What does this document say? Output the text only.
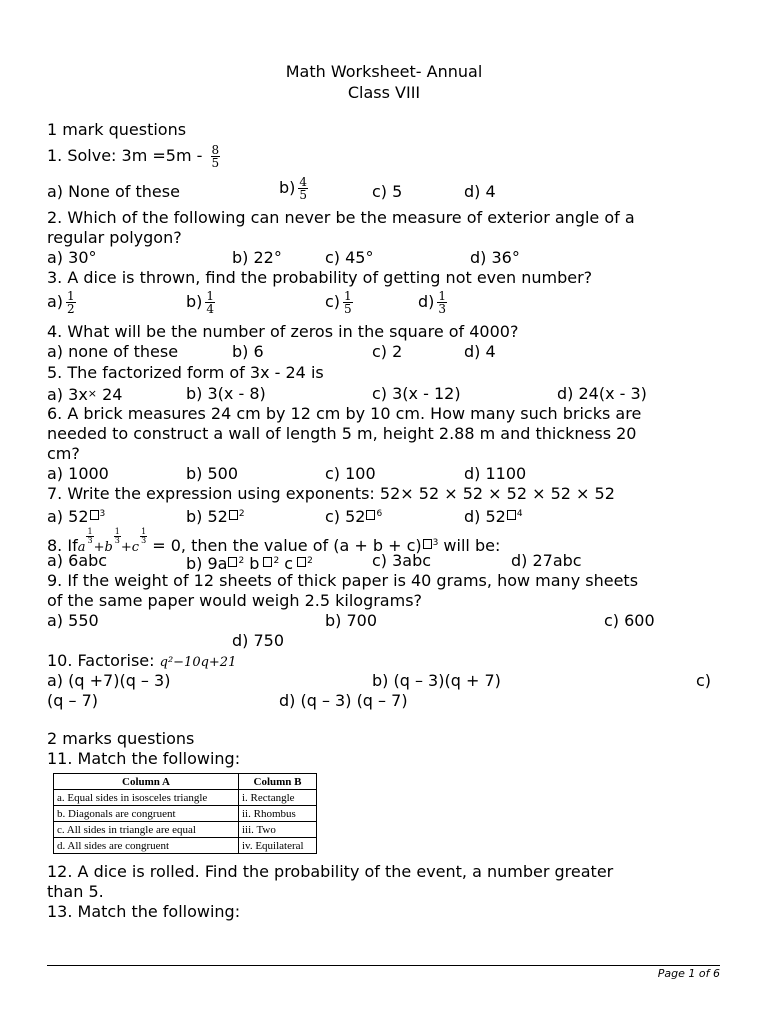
Math Worksheet- Annual
Class VIII
1 mark questions
1. Solve: $3m =5m - \frac{8}{5}$
a) None of these	$b) \frac{4}{5}$	c) 5	d) 4
2. Which of the following can never be the measure of exterior angle of a
regular polygon?
a) 30°	b) 22°	c) 45°	d) 36°
3. A dice is thrown, find the probability of getting not even number?
$a) \frac{1}{2}$	$b) \frac{1}{4}$	$c) \frac{1}{5}$	$d) \frac{1}{3}$
4. What will be the number of zeros in the square of 4000?
a) none of these	b) 6	c) 2	d) 4
5. The factorized form of 3x - 24 is
a) 3x× 24	b) 3(x - 8)	c) 3(x - 12)	d) 24(x - 3)
6. A brick measures 24 cm by 12 cm by 10 cm. How many such bricks are
needed to construct a wall of length 5 m, height 2.88 m and thickness 20
cm?
a) 1000	b) 500	c) 100	d) 1100
7. Write the expression using exponents: 52× 52 × 52 × 52 × 52 × 52
a) 52 $^3$	b) 52 $^2$	c) 52 $^6$	d) 52 $^4$
8. Ifa
$\frac{1}{3}$
+b
$\frac{1}{3}$
+c
$\frac{1}{3} = 0$, then the value of (a + b + c) $^3$ will be:
a) 6abc	b) 9a $^2$ b $^2$ c $^2$	c) 3abc	d) 27abc
9. If the weight of 12 sheets of thick paper is 40 grams, how many sheets
of the same paper would weigh 2.5 kilograms?
a) 550	b) 700	c) 600
d) 750
10. Factorise: q²−10q+21
a) (q +7)(q – 3)	b) (q – 3)(q + 7)	c)
(q – 7)	d) (q – 3) (q – 7)
2 marks questions
11. Match the following:
Column A	Column B
a. Equal sides in isosceles triangle	i. Rectangle
b. Diagonals are congruent	ii. Rhombus
c. All sides in triangle are equal	iii. Two
d. All sides are congruent	iv. Equilateral
12. A dice is rolled. Find the probability of the event, a number greater
than 5.
13. Match the following:
Page 1 of 6
